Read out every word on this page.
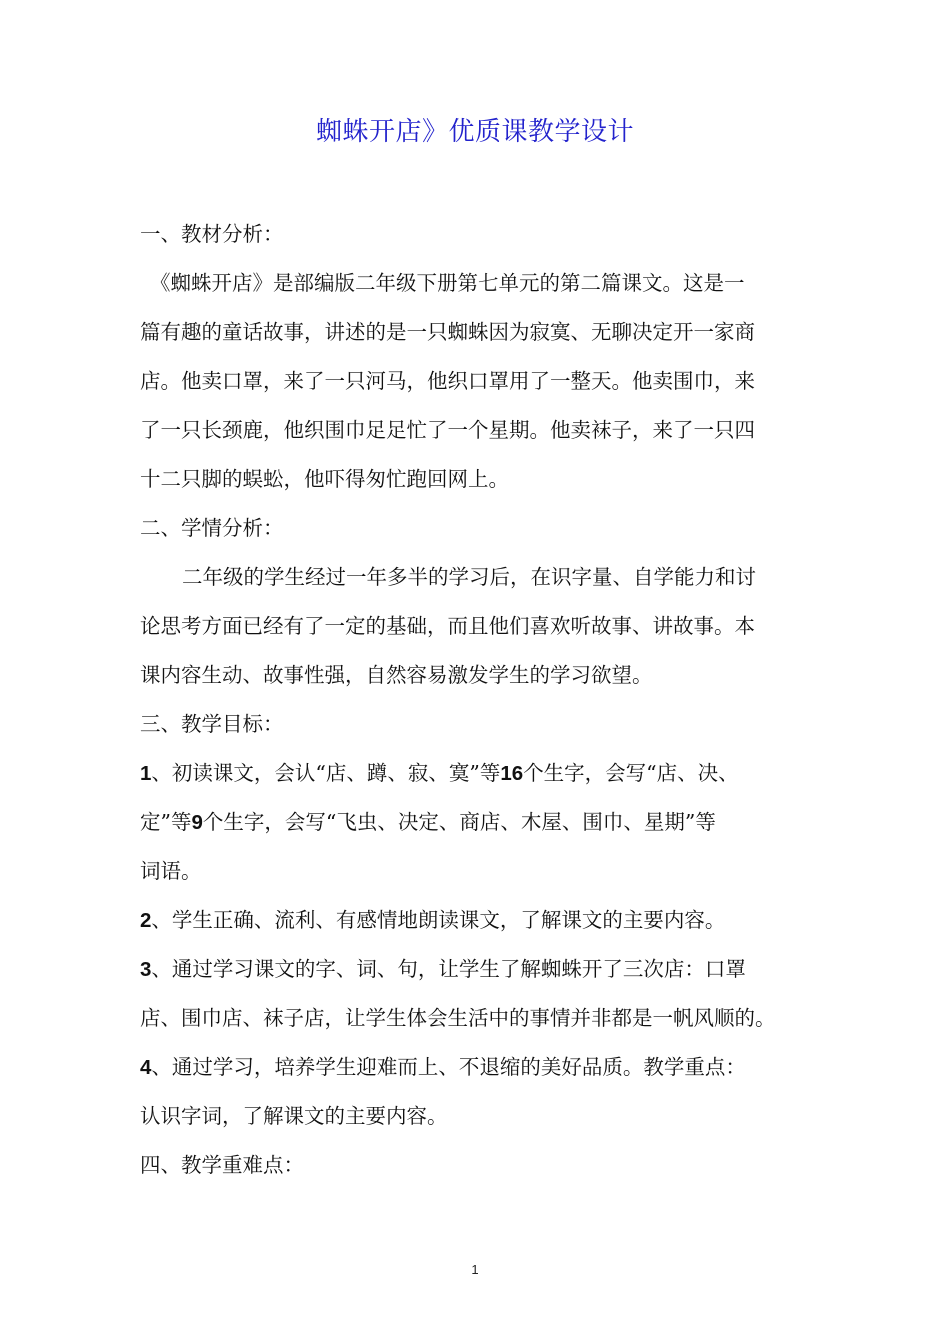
蜘蛛开店》优质课教学设计

一、教材分析：

《蜘蛛开店》是部编版二年级下册第七单元的第二篇课文。这是一

篇有趣的童话故事，讲述的是一只蜘蛛因为寂寞、无聊决定开一家商

店。他卖口罩，来了一只河马，他织口罩用了一整天。他卖围巾，来

了一只长颈鹿，他织围巾足足忙了一个星期。他卖袜子，来了一只四

十二只脚的蜈蚣，他吓得匆忙跑回网上。

二、学情分析：

二年级的学生经过一年多半的学习后，在识字量、自学能力和讨

论思考方面已经有了一定的基础，而且他们喜欢听故事、讲故事。本

课内容生动、故事性强，自然容易激发学生的学习欲望。

三、教学目标：

1、初读课文，会认“店、蹲、寂、寞”等16个生字，会写“店、决、

定”等9个生字，会写“飞虫、决定、商店、木屋、围巾、星期”等

词语。

2、学生正确、流利、有感情地朗读课文，了解课文的主要内容。

3、通过学习课文的字、词、句，让学生了解蜘蛛开了三次店：口罩

店、围巾店、袜子店，让学生体会生活中的事情并非都是一帆风顺的。

4、通过学习，培养学生迎难而上、不退缩的美好品质。教学重点：

认识字词，了解课文的主要内容。

四、教学重难点：

1
